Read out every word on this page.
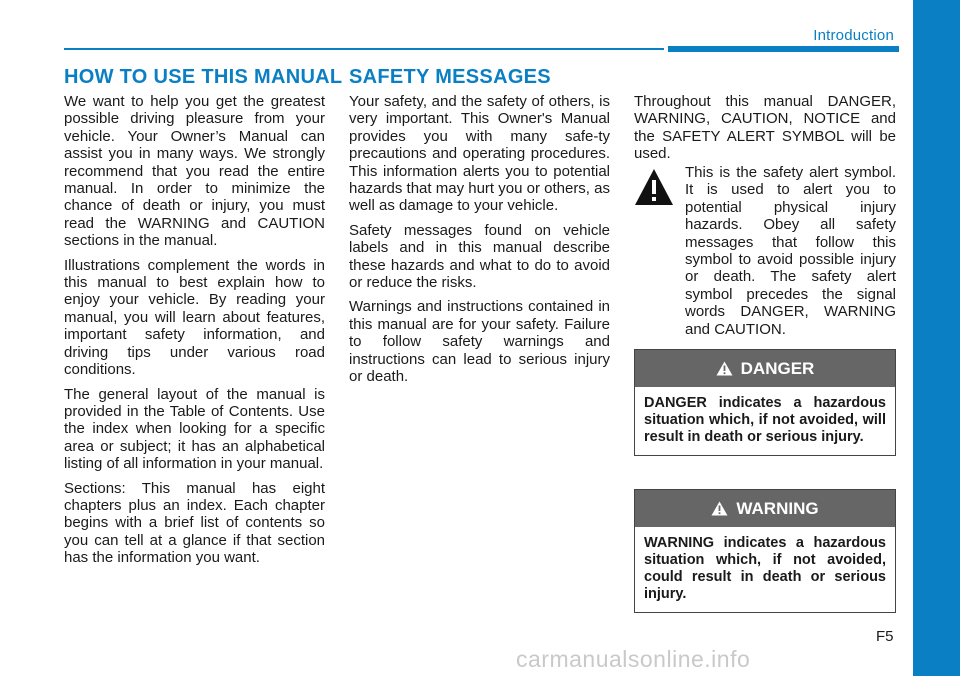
Introduction
HOW TO USE THIS MANUAL

We want to help you get the greatest possible driving pleasure from your vehicle. Your Owner’s Manual can assist you in many ways. We strongly recommend that you read the entire manual. In order to minimize the chance of death or injury, you must read the WARNING and CAUTION sections in the manual.

Illustrations complement the words in this manual to best explain how to enjoy your vehicle. By reading your manual, you will learn about features, important safety information, and driving tips under various road conditions.

The general layout of the manual is provided in the Table of Contents. Use the index when looking for a specific area or subject; it has an alphabetical listing of all information in your manual.

Sections: This manual has eight chapters plus an index. Each chapter begins with a brief list of contents so you can tell at a glance if that section has the information you want.

SAFETY MESSAGES

Your safety, and the safety of others, is very important. This Owner's Manual provides you with many safe-ty precautions and operating procedures. This information alerts you to potential hazards that may hurt you or others, as well as damage to your vehicle.

Safety messages found on vehicle labels and in this manual describe these hazards and what to do to avoid or reduce the risks.

Warnings and instructions contained in this manual are for your safety. Failure to follow safety warnings and instructions can lead to serious injury or death.

Throughout this manual DANGER, WARNING, CAUTION, NOTICE and the SAFETY ALERT SYMBOL will be used.

This is the safety alert symbol. It is used to alert you to potential physical injury hazards. Obey all safety messages that follow this symbol to avoid possible injury or death. The safety alert symbol precedes the signal words DANGER, WARNING and CAUTION.
DANGER
DANGER indicates a hazardous situation which, if not avoided, will result in death or serious injury.
WARNING
WARNING indicates a hazardous situation which, if not avoided, could result in death or serious injury.
F5
carmanualsonline.info
